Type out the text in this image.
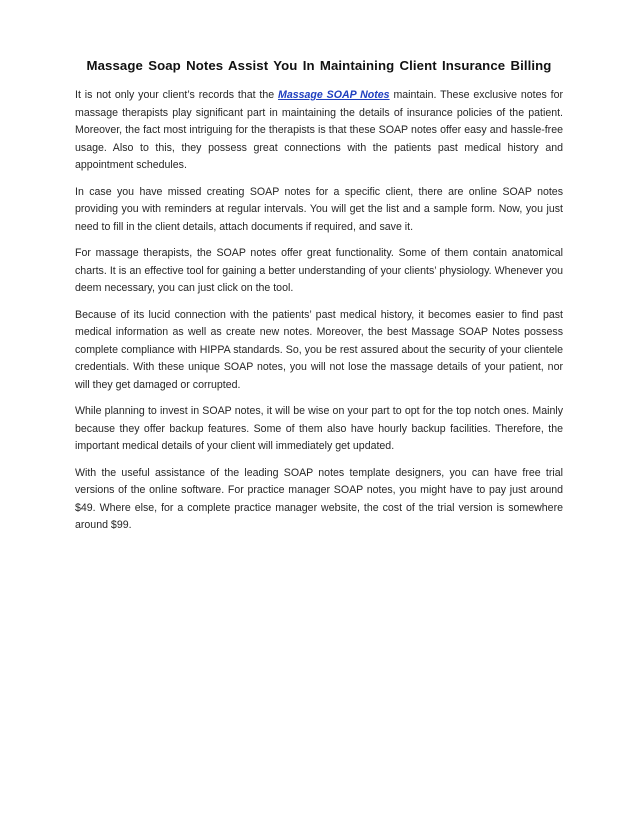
Massage Soap Notes Assist You In Maintaining Client Insurance Billing

It is not only your client’s records that the Massage SOAP Notes maintain. These exclusive notes for massage therapists play significant part in maintaining the details of insurance policies of the patient. Moreover, the fact most intriguing for the therapists is that these SOAP notes offer easy and hassle-free usage. Also to this, they possess great connections with the patients past medical history and appointment schedules.

In case you have missed creating SOAP notes for a specific client, there are online SOAP notes providing you with reminders at regular intervals. You will get the list and a sample form. Now, you just need to fill in the client details, attach documents if required, and save it.

For massage therapists, the SOAP notes offer great functionality. Some of them contain anatomical charts. It is an effective tool for gaining a better understanding of your clients’ physiology. Whenever you deem necessary, you can just click on the tool.

Because of its lucid connection with the patients’ past medical history, it becomes easier to find past medical information as well as create new notes. Moreover, the best Massage SOAP Notes possess complete compliance with HIPPA standards. So, you be rest assured about the security of your clientele credentials. With these unique SOAP notes, you will not lose the massage details of your patient, nor will they get damaged or corrupted.

While planning to invest in SOAP notes, it will be wise on your part to opt for the top notch ones. Mainly because they offer backup features. Some of them also have hourly backup facilities. Therefore, the important medical details of your client will immediately get updated.

With the useful assistance of the leading SOAP notes template designers, you can have free trial versions of the online software. For practice manager SOAP notes, you might have to pay just around $49. Where else, for a complete practice manager website, the cost of the trial version is somewhere around $99.
